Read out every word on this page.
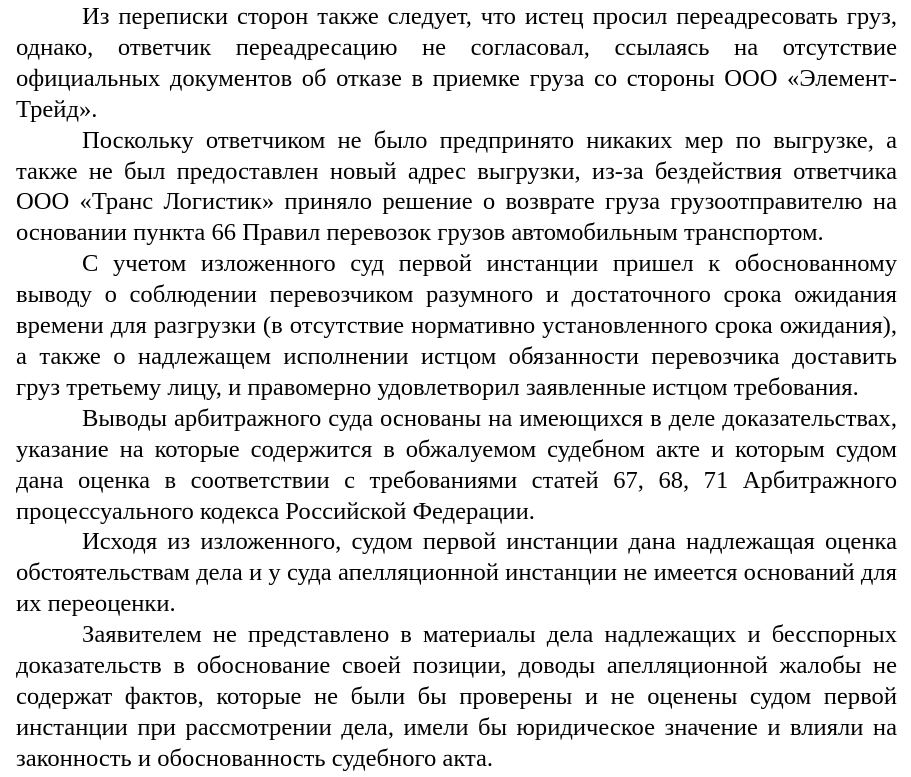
Из переписки сторон также следует, что истец просил переадресовать груз, однако, ответчик переадресацию не согласовал, ссылаясь на отсутствие официальных документов об отказе в приемке груза со стороны ООО «Элемент-Трейд».

Поскольку ответчиком не было предпринято никаких мер по выгрузке, а также не был предоставлен новый адрес выгрузки, из-за бездействия ответчика ООО «Транс Логистик» приняло решение о возврате груза грузоотправителю на основании пункта 66 Правил перевозок грузов автомобильным транспортом.

С учетом изложенного суд первой инстанции пришел к обоснованному выводу о соблюдении перевозчиком разумного и достаточного срока ожидания времени для разгрузки (в отсутствие нормативно установленного срока ожидания), а также о надлежащем исполнении истцом обязанности перевозчика доставить груз третьему лицу, и правомерно удовлетворил заявленные истцом требования.

Выводы арбитражного суда основаны на имеющихся в деле доказательствах, указание на которые содержится в обжалуемом судебном акте и которым судом дана оценка в соответствии с требованиями статей 67, 68, 71 Арбитражного процессуального кодекса Российской Федерации.

Исходя из изложенного, судом первой инстанции дана надлежащая оценка обстоятельствам дела и у суда апелляционной инстанции не имеется оснований для их переоценки.

Заявителем не представлено в материалы дела надлежащих и бесспорных доказательств в обоснование своей позиции, доводы апелляционной жалобы не содержат фактов, которые не были бы проверены и не оценены судом первой инстанции при рассмотрении дела, имели бы юридическое значение и влияли на законность и обоснованность судебного акта.
